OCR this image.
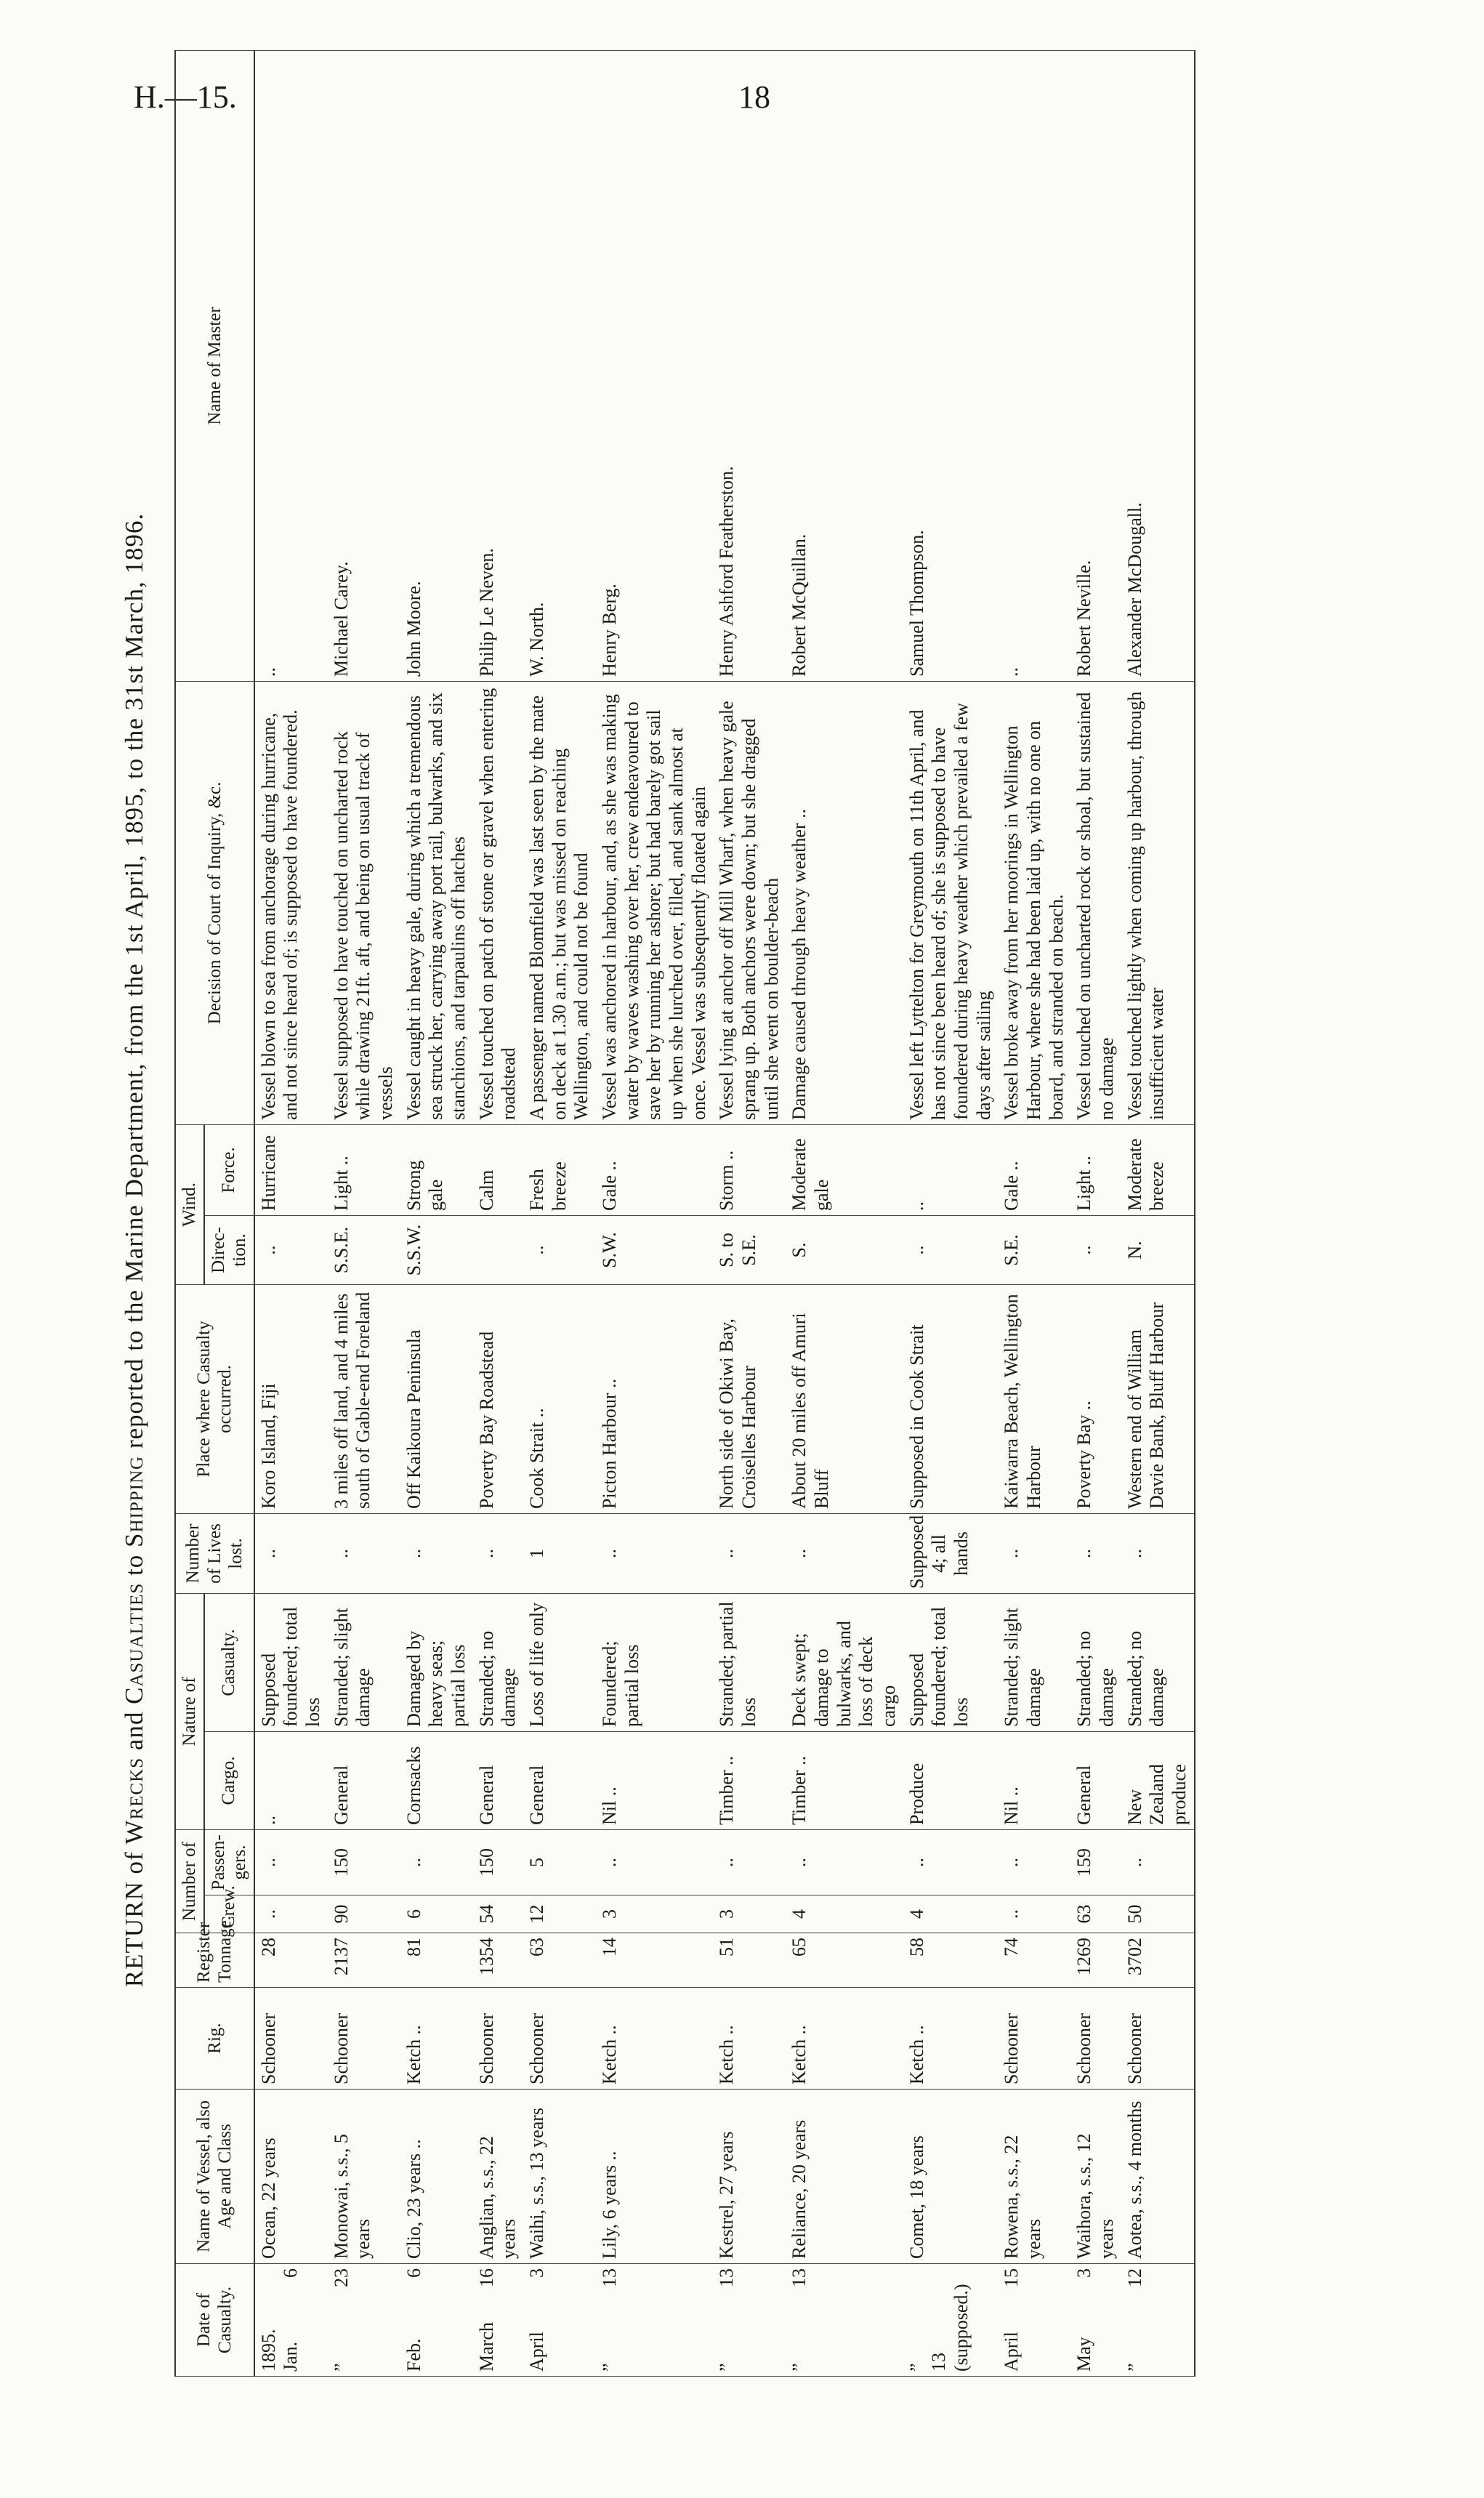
H.—15.	18
RETURN of Wrecks and Casualties to Shipping reported to the Marine Department, from the 1st April, 1895, to the 31st March, 1896.
Date of Casualty.	Name of Vessel, also Age and Class	Rig.	Register Tonnage.	Number of		Nature of		Number of Lives lost.	Place where Casualty occurred.	Wind.		Decision of Court of Inquiry, &c.	Name of Master
				Crew.	Passen-gers.	Cargo.	Casualty.			Direc-tion.	Force.		

1895. Jan.
6	Ocean, 22 years	Schooner	28	..	..	..	Supposed foundered; total loss	..	Koro Island, Fiji	..	Hurricane	Vessel blown to sea from anchorage during hurricane, and not since heard of; is supposed to have foundered.	..
”
23	Monowai, s.s., 5 years	Schooner	2137	90	150	General	Stranded; slight damage	..	3 miles off land, and 4 miles south of Gable-end Foreland	S.S.E.	Light ..	Vessel supposed to have touched on uncharted rock while drawing 21ft. aft, and being on usual track of vessels	Michael Carey.
Feb.
6	Clio, 23 years ..	Ketch ..	81	6	..	Cornsacks	Damaged by heavy seas; partial loss	..	Off Kaikoura Peninsula	S.S.W.	Strong gale	Vessel caught in heavy gale, during which a tremendous sea struck her, carrying away port rail, bulwarks, and six stanchions, and tarpaulins off hatches	John Moore.
March
16	Anglian, s.s., 22 years	Schooner	1354	54	150	General	Stranded; no damage	..	Poverty Bay Roadstead		Calm	Vessel touched on patch of stone or gravel when entering roadstead	Philip Le Neven.
April
3	Waihi, s.s., 13 years	Schooner	63	12	5	General	Loss of life only	1	Cook Strait ..	..	Fresh breeze	A passenger named Blomfield was last seen by the mate on deck at 1.30 a.m.; but was missed on reaching Wellington, and could not be found	W. North.
”
13	Lily, 6 years ..	Ketch ..	14	3	..	Nil ..	Foundered; partial loss	..	Picton Harbour ..	S.W.	Gale ..	Vessel was anchored in harbour, and, as she was making water by waves washing over her, crew endeavoured to save her by running her ashore; but had barely got sail up when she lurched over, filled, and sank almost at once. Vessel was subsequently floated again	Henry Berg.
”
13	Kestrel, 27 years	Ketch ..	51	3	..	Timber ..	Stranded; partial loss	..	North side of Okiwi Bay, Croiselles Harbour	S. to S.E.	Storm ..	Vessel lying at anchor off Mill Wharf, when heavy gale sprang up. Both anchors were down; but she dragged until she went on boulder-beach	Henry Ashford Featherston.
”
13	Reliance, 20 years	Ketch ..	65	4	..	Timber ..	Deck swept; damage to bulwarks, and loss of deck cargo	..	About 20 miles off Amuri Bluff	S.	Moderate gale	Damage caused through heavy weather ..	Robert McQuillan.
” 13 (supposed.)	Comet, 18 years	Ketch ..	58	4	..	Produce	Supposed foundered; total loss	Supposed 4; all hands	Supposed in Cook Strait	..	..	Vessel left Lyttelton for Greymouth on 11th April, and has not since been heard of; she is supposed to have foundered during heavy weather which prevailed a few days after sailing	Samuel Thompson.
April
15	Rowena, s.s., 22 years	Schooner	74	..	..	Nil ..	Stranded; slight damage	..	Kaiwarra Beach, Wellington Harbour	S.E.	Gale ..	Vessel broke away from her moorings in Wellington Harbour, where she had been laid up, with no one on board, and stranded on beach.	..
May
3	Waihora, s.s., 12 years	Schooner	1269	63	159	General	Stranded; no damage	..	Poverty Bay ..	..	Light ..	Vessel touched on uncharted rock or shoal, but sustained no damage	Robert Neville.
”
12	Aotea, s.s., 4 months	Schooner	3702	50	..	New Zealand produce	Stranded; no damage	..	Western end of William Davie Bank, Bluff Harbour	N.	Moderate breeze	Vessel touched lightly when coming up harbour, through insufficient water	Alexander McDougall.
